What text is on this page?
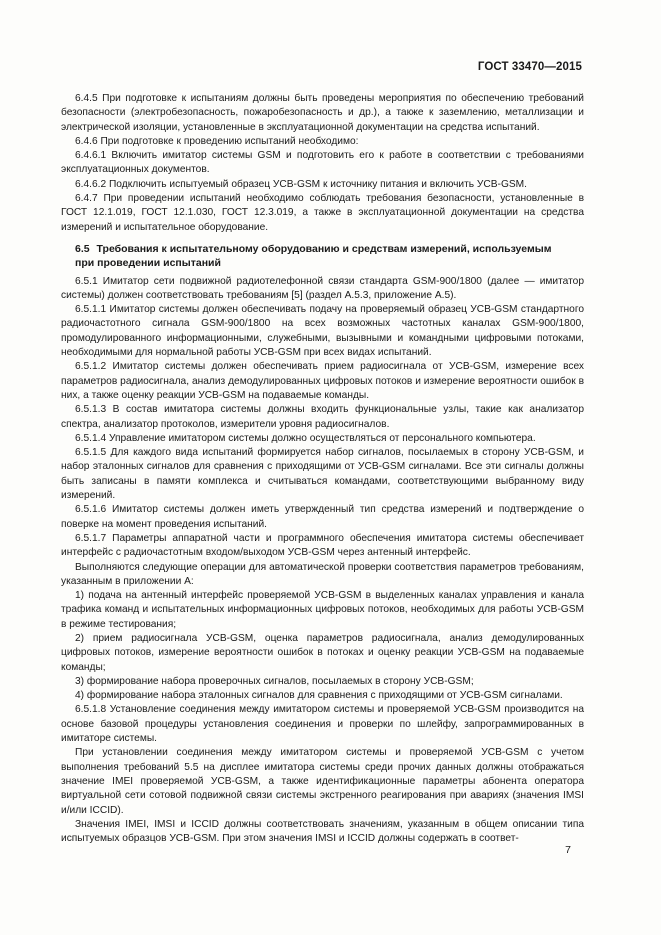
ГОСТ 33470—2015

6.4.5 При подготовке к испытаниям должны быть проведены мероприятия по обеспечению требований безопасности (электробезопасность, пожаробезопасность и др.), а также к заземлению, металлизации и электрической изоляции, установленные в эксплуатационной документации на средства испытаний.

6.4.6 При подготовке к проведению испытаний необходимо:

6.4.6.1 Включить имитатор системы GSM и подготовить его к работе в соответствии с требованиями эксплуатационных документов.

6.4.6.2 Подключить испытуемый образец УСВ-GSM к источнику питания и включить УСВ-GSM.

6.4.7 При проведении испытаний необходимо соблюдать требования безопасности, установленные в ГОСТ 12.1.019, ГОСТ 12.1.030, ГОСТ 12.3.019, а также в эксплуатационной документации на средства измерений и испытательное оборудование.

6.5 Требования к испытательному оборудованию и средствам измерений, используемым
при проведении испытаний

6.5.1 Имитатор сети подвижной радиотелефонной связи стандарта GSM-900/1800 (далее — имитатор системы) должен соответствовать требованиям [5] (раздел А.5.3, приложение А.5).

6.5.1.1 Имитатор системы должен обеспечивать подачу на проверяемый образец УСВ-GSM стандартного радиочастотного сигнала GSM-900/1800 на всех возможных частотных каналах GSM-900/1800, промодулированного информационными, служебными, вызывными и командными цифровыми потоками, необходимыми для нормальной работы УСВ-GSM при всех видах испытаний.

6.5.1.2 Имитатор системы должен обеспечивать прием радиосигнала от УСВ-GSM, измерение всех параметров радиосигнала, анализ демодулированных цифровых потоков и измерение вероятности ошибок в них, а также оценку реакции УСВ-GSM на подаваемые команды.

6.5.1.3 В состав имитатора системы должны входить функциональные узлы, такие как анализатор спектра, анализатор протоколов, измерители уровня радиосигналов.

6.5.1.4 Управление имитатором системы должно осуществляться от персонального компьютера.

6.5.1.5 Для каждого вида испытаний формируется набор сигналов, посылаемых в сторону УСВ-GSM, и набор эталонных сигналов для сравнения с приходящими от УСВ-GSM сигналами. Все эти сигналы должны быть записаны в памяти комплекса и считываться командами, соответствующими выбранному виду измерений.

6.5.1.6 Имитатор системы должен иметь утвержденный тип средства измерений и подтверждение о поверке на момент проведения испытаний.

6.5.1.7 Параметры аппаратной части и программного обеспечения имитатора системы обеспечивает интерфейс с радиочастотным входом/выходом УСВ-GSM через антенный интерфейс.

Выполняются следующие операции для автоматической проверки соответствия параметров требованиям, указанным в приложении А:

1) подача на антенный интерфейс проверяемой УСВ-GSM в выделенных каналах управления и канала трафика команд и испытательных информационных цифровых потоков, необходимых для работы УСВ-GSM в режиме тестирования;

2) прием радиосигнала УСВ-GSM, оценка параметров радиосигнала, анализ демодулированных цифровых потоков, измерение вероятности ошибок в потоках и оценку реакции УСВ-GSM на подаваемые команды;

3) формирование набора проверочных сигналов, посылаемых в сторону УСВ-GSM;

4) формирование набора эталонных сигналов для сравнения с приходящими от УСВ-GSM сигналами.

6.5.1.8 Установление соединения между имитатором системы и проверяемой УСВ-GSM производится на основе базовой процедуры установления соединения и проверки по шлейфу, запрограммированных в имитаторе системы.

При установлении соединения между имитатором системы и проверяемой УСВ-GSM с учетом выполнения требований 5.5 на дисплее имитатора системы среди прочих данных должны отображаться значение IMEI проверяемой УСВ-GSM, а также идентификационные параметры абонента оператора виртуальной сети сотовой подвижной связи системы экстренного реагирования при авариях (значения IMSI и/или ICCID).

Значения IMEI, IMSI и ICCID должны соответствовать значениям, указанным в общем описании типа испытуемых образцов УСВ-GSM. При этом значения IMSI и ICCID должны содержать в соответ-

7
